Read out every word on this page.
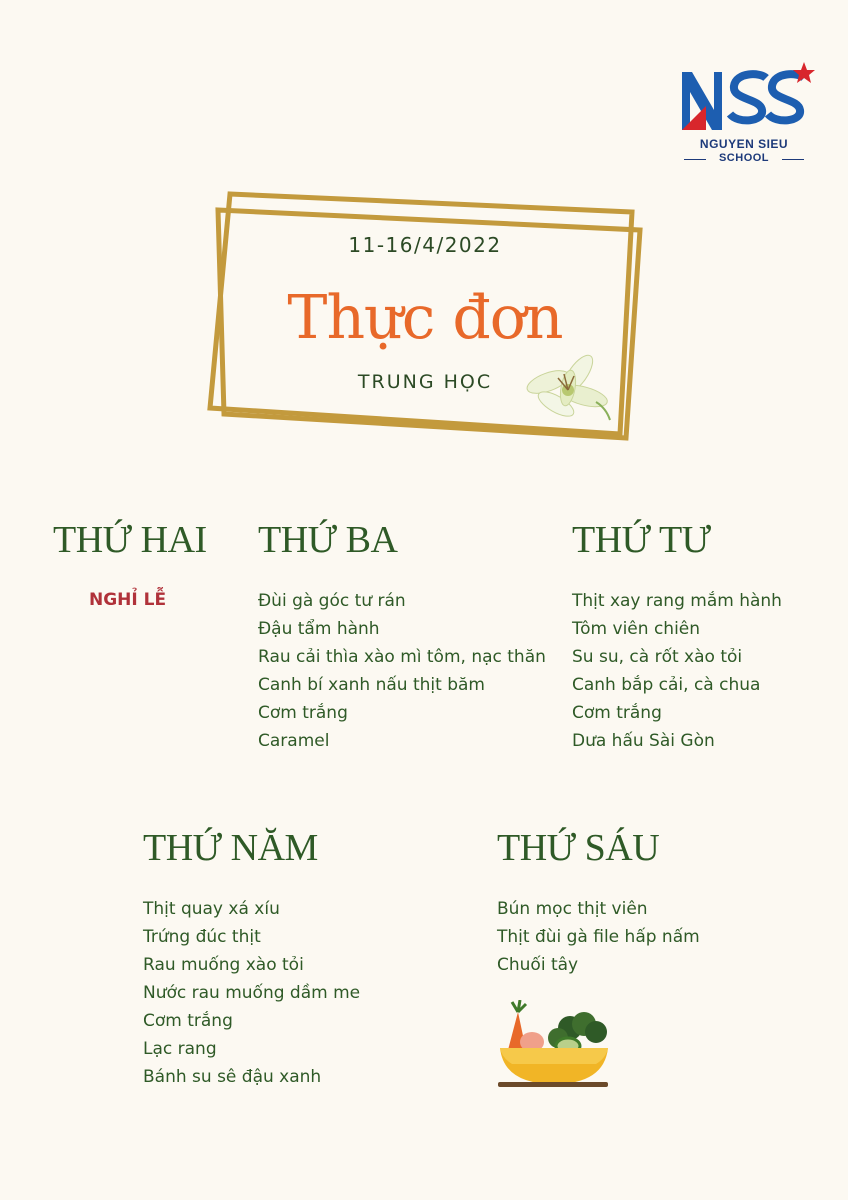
NGUYEN SIEU
SCHOOL
11-16/4/2022
Thực đơn
TRUNG HỌC
THỨ HAI
NGHỈ LỄ
THỨ BA
Đùi gà góc tư rán
Đậu tẩm hành
Rau cải thìa xào mì tôm, nạc thăn
Canh bí xanh nấu thịt băm
Cơm trắng
Caramel
THỨ TƯ
Thịt xay rang mắm hành
Tôm viên chiên
Su su, cà rốt xào tỏi
Canh bắp cải, cà chua
Cơm trắng
Dưa hấu Sài Gòn
THỨ NĂM
Thịt quay xá xíu
Trứng đúc thịt
Rau muống xào tỏi
Nước rau muống dầm me
Cơm trắng
Lạc rang
Bánh su sê đậu xanh
THỨ SÁU
Bún mọc thịt viên
Thịt đùi gà file hấp nấm
Chuối tây
